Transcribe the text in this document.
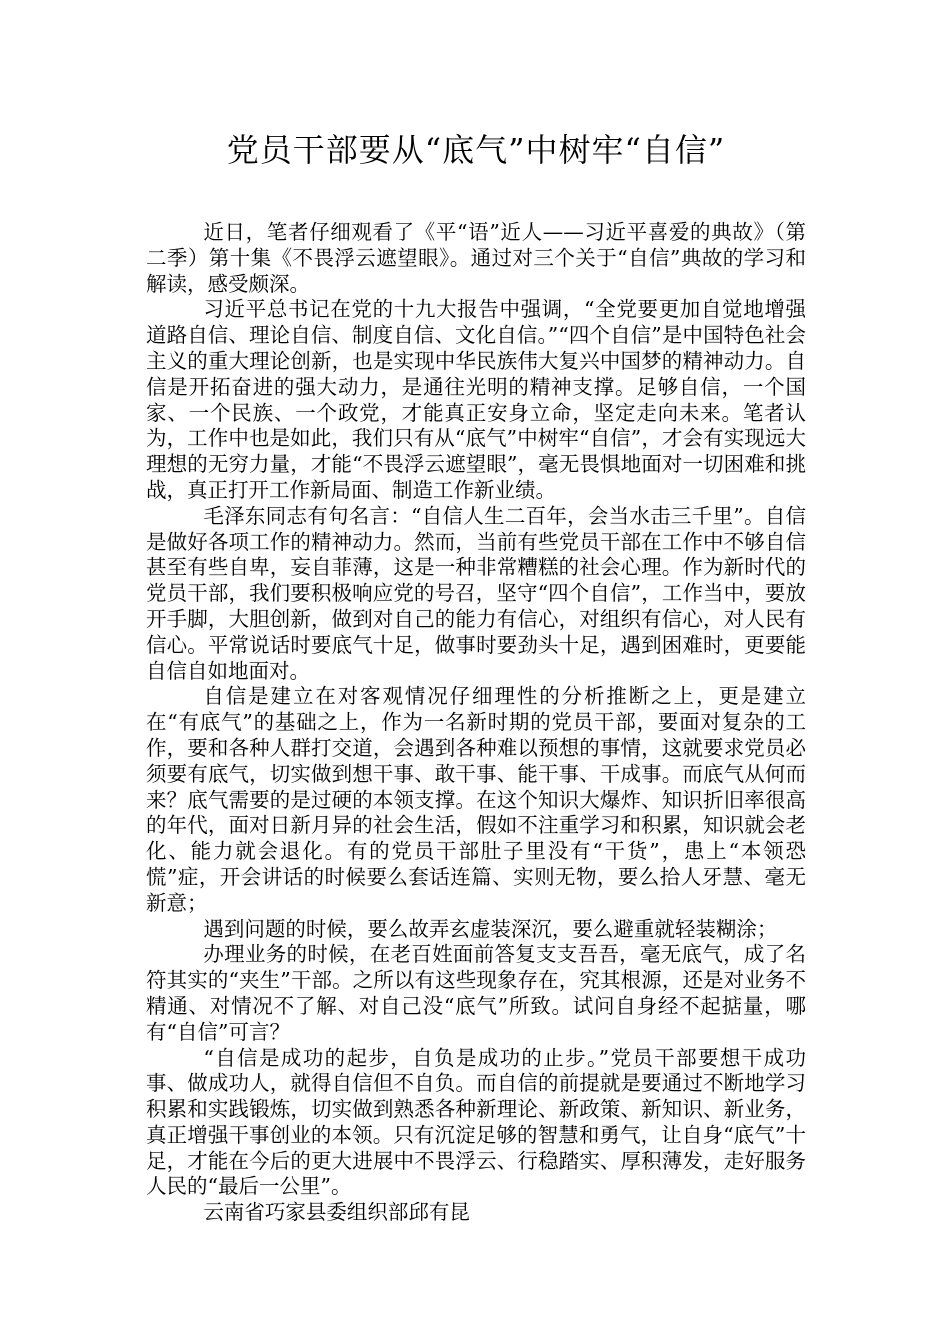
党员干部要从“底气”中树牢“自信”

近日，笔者仔细观看了《平“语”近人——习近平喜爱的典故》（第二季）第十集《不畏浮云遮望眼》。通过对三个关于“自信”典故的学习和解读，感受颇深。

习近平总书记在党的十九大报告中强调，“全党要更加自觉地增强道路自信、理论自信、制度自信、文化自信。”“四个自信”是中国特色社会主义的重大理论创新，也是实现中华民族伟大复兴中国梦的精神动力。自信是开拓奋进的强大动力，是通往光明的精神支撑。足够自信，一个国家、一个民族、一个政党，才能真正安身立命，坚定走向未来。笔者认为，工作中也是如此，我们只有从“底气”中树牢“自信”，才会有实现远大理想的无穷力量，才能“不畏浮云遮望眼”，毫无畏惧地面对一切困难和挑战，真正打开工作新局面、制造工作新业绩。

毛泽东同志有句名言：“自信人生二百年，会当水击三千里”。自信是做好各项工作的精神动力。然而，当前有些党员干部在工作中不够自信甚至有些自卑，妄自菲薄，这是一种非常糟糕的社会心理。作为新时代的党员干部，我们要积极响应党的号召，坚守“四个自信”，工作当中，要放开手脚，大胆创新，做到对自己的能力有信心，对组织有信心，对人民有信心。平常说话时要底气十足，做事时要劲头十足，遇到困难时，更要能自信自如地面对。

自信是建立在对客观情况仔细理性的分析推断之上，更是建立在“有底气”的基础之上，作为一名新时期的党员干部，要面对复杂的工作，要和各种人群打交道，会遇到各种难以预想的事情，这就要求党员必须要有底气，切实做到想干事、敢干事、能干事、干成事。而底气从何而来？底气需要的是过硬的本领支撑。在这个知识大爆炸、知识折旧率很高的年代，面对日新月异的社会生活，假如不注重学习和积累，知识就会老化、能力就会退化。有的党员干部肚子里没有“干货”，患上“本领恐慌”症，开会讲话的时候要么套话连篇、实则无物，要么拾人牙慧、毫无新意；

遇到问题的时候，要么故弄玄虚装深沉，要么避重就轻装糊涂；

办理业务的时候，在老百姓面前答复支支吾吾，毫无底气，成了名符其实的“夹生”干部。之所以有这些现象存在，究其根源，还是对业务不精通、对情况不了解、对自己没“底气”所致。试问自身经不起掂量，哪有“自信”可言？

“自信是成功的起步，自负是成功的止步。”党员干部要想干成功事、做成功人，就得自信但不自负。而自信的前提就是要通过不断地学习积累和实践锻炼，切实做到熟悉各种新理论、新政策、新知识、新业务，真正增强干事创业的本领。只有沉淀足够的智慧和勇气，让自身“底气”十足，才能在今后的更大进展中不畏浮云、行稳踏实、厚积薄发，走好服务人民的“最后一公里”。

云南省巧家县委组织部邱有昆
